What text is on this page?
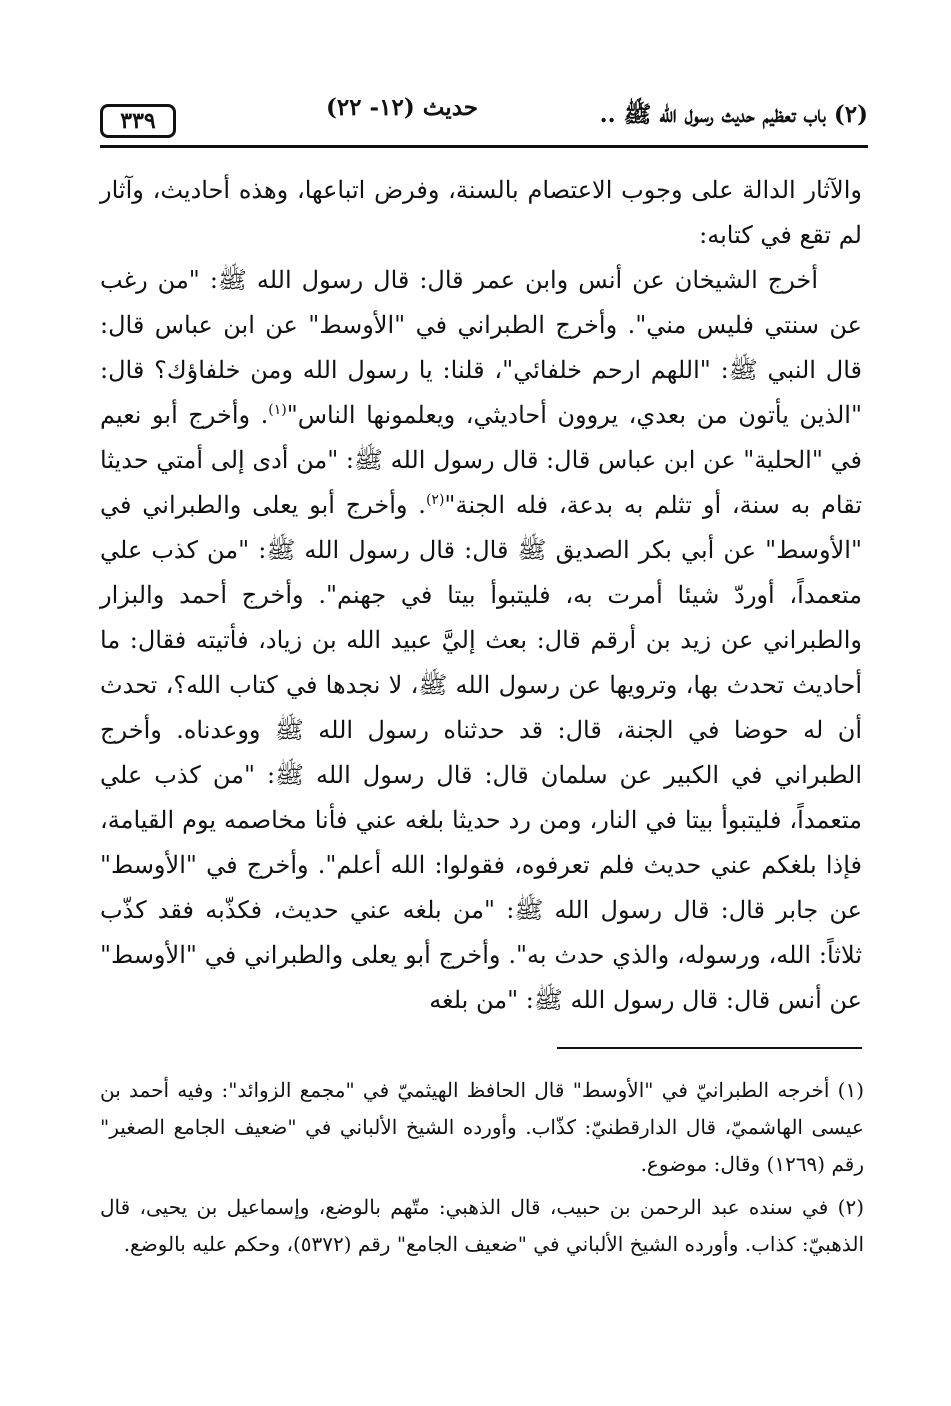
(٢) باب تعظيم حديث رسول الله ﷺ ..
حديث (١٢- ٢٢)
٣٣٩

والآثار الدالة على وجوب الاعتصام بالسنة، وفرض اتباعها، وهذه أحاديث، وآثار لم تقع في كتابه:

أخرج الشيخان عن أنس وابن عمر قال: قال رسول الله ﷺ: "من رغب عن سنتي فليس مني". وأخرج الطبراني في "الأوسط" عن ابن عباس قال: قال النبي ﷺ: "اللهم ارحم خلفائي"، قلنا: يا رسول الله ومن خلفاؤك؟ قال: "الذين يأتون من بعدي، يروون أحاديثي، ويعلمونها الناس"$^{(١)}$. وأخرج أبو نعيم في "الحلية" عن ابن عباس قال: قال رسول الله ﷺ: "من أدى إلى أمتي حديثا تقام به سنة، أو تثلم به بدعة، فله الجنة"$^{(٢)}$. وأخرج أبو يعلى والطبراني في "الأوسط" عن أبي بكر الصديق ﷺ قال: قال رسول الله ﷺ: "من كذب علي متعمداً، أوردّ شيئا أمرت به، فليتبوأ بيتا في جهنم". وأخرج أحمد والبزار والطبراني عن زيد بن أرقم قال: بعث إليَّ عبيد الله بن زياد، فأتيته فقال: ما أحاديث تحدث بها، وترويها عن رسول الله ﷺ، لا نجدها في كتاب الله؟، تحدث أن له حوضا في الجنة، قال: قد حدثناه رسول الله ﷺ ووعدناه. وأخرج الطبراني في الكبير عن سلمان قال: قال رسول الله ﷺ: "من كذب علي متعمداً، فليتبوأ بيتا في النار، ومن رد حديثا بلغه عني فأنا مخاصمه يوم القيامة، فإذا بلغكم عني حديث فلم تعرفوه، فقولوا: الله أعلم". وأخرج في "الأوسط" عن جابر قال: قال رسول الله ﷺ: "من بلغه عني حديث، فكذّبه فقد كذّب ثلاثاً: الله، ورسوله، والذي حدث به". وأخرج أبو يعلى والطبراني في "الأوسط" عن أنس قال: قال رسول الله ﷺ: "من بلغه

(١) أخرجه الطبرانيّ في "الأوسط" قال الحافظ الهيثميّ في "مجمع الزوائد": وفيه أحمد بن عيسى الهاشميّ، قال الدارقطنيّ: كذّاب. وأورده الشيخ الألباني في "ضعيف الجامع الصغير" رقم (١٢٦٩) وقال: موضوع.

(٢) في سنده عبد الرحمن بن حبيب، قال الذهبي: متّهم بالوضع، وإسماعيل بن يحيى، قال الذهبيّ: كذاب. وأورده الشيخ الألباني في "ضعيف الجامع" رقم (٥٣٧٢)، وحكم عليه بالوضع.
